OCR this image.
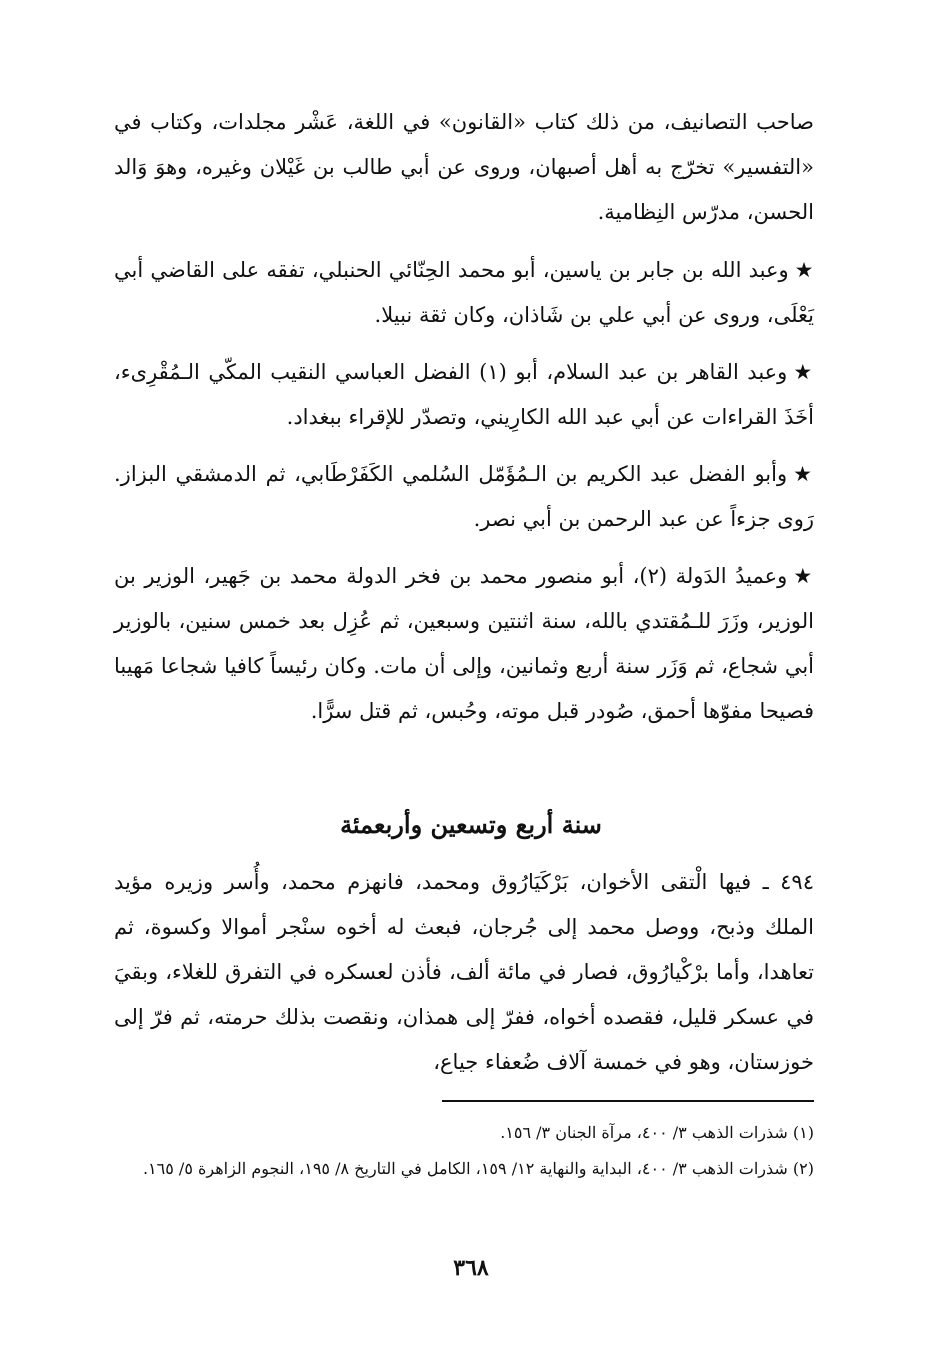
صاحب التصانيف، من ذلك كتاب «القانون» في اللغة، عَشْر مجلدات، وكتاب في «التفسير» تخرّج به أهل أصبهان، وروى عن أبي طالب بن غَيْلان وغيره، وهوَ وَالد الحسن، مدرّس النِظامية.

★وعبد الله بن جابر بن ياسين، أبو محمد الحِنّائي الحنبلي، تفقه على القاضي أبي يَعْلَى، وروى عن أبي علي بن شَاذان، وكان ثقة نبيلا.

★وعبد القاهر بن عبد السلام، أبو (١) الفضل العباسي النقيب المكّي الـمُقْرِىء، أخَذَ القراءات عن أبي عبد الله الكارِيني، وتصدّر للإقراء ببغداد.

★وأبو الفضل عبد الكريم بن الـمُؤَمّل السُلمي الكَفَرْطَابي، ثم الدمشقي البزاز. رَوى جزءاً عن عبد الرحمن بن أبي نصر.

★وعميدُ الدَولة (٢)، أبو منصور محمد بن فخر الدولة محمد بن جَهير، الوزير بن الوزير، وزَرَ للـمُقتدي بالله، سنة اثنتين وسبعين، ثم عُزِل بعد خمس سنين، بالوزير أبي شجاع، ثم وَزَر سنة أربع وثمانين، وإلى أن مات. وكان رئيساً كافيا شجاعا مَهيبا فصيحا مفوّها أحمق، صُودر قبل موته، وحُبس، ثم قتل سرًّا.

سنة أربع وتسعين وأربعمئة

٤٩٤ ـ فيها الْتقى الأخوان، بَرْكَيَارُوق ومحمد، فانهزم محمد، وأُسر وزيره مؤيد الملك وذبح، ووصل محمد إلى جُرجان، فبعث له أخوه سنْجر أموالا وكسوة، ثم تعاهدا، وأما برْكْيارُوق، فصار في مائة ألف، فأذن لعسكره في التفرق للغلاء، وبقيَ في عسكر قليل، فقصده أخواه، ففرّ إلى همذان، ونقصت بذلك حرمته، ثم فرّ إلى خوزستان، وهو في خمسة آلاف ضُعفاء جياع،

(١) شذرات الذهب ٣/ ٤٠٠، مرآة الجنان ٣/ ١٥٦.

(٢) شذرات الذهب ٣/ ٤٠٠، البداية والنهاية ١٢/ ١٥٩، الكامل في التاريخ ٨/ ١٩٥، النجوم الزاهرة ٥/ ١٦٥.

٣٦٨
